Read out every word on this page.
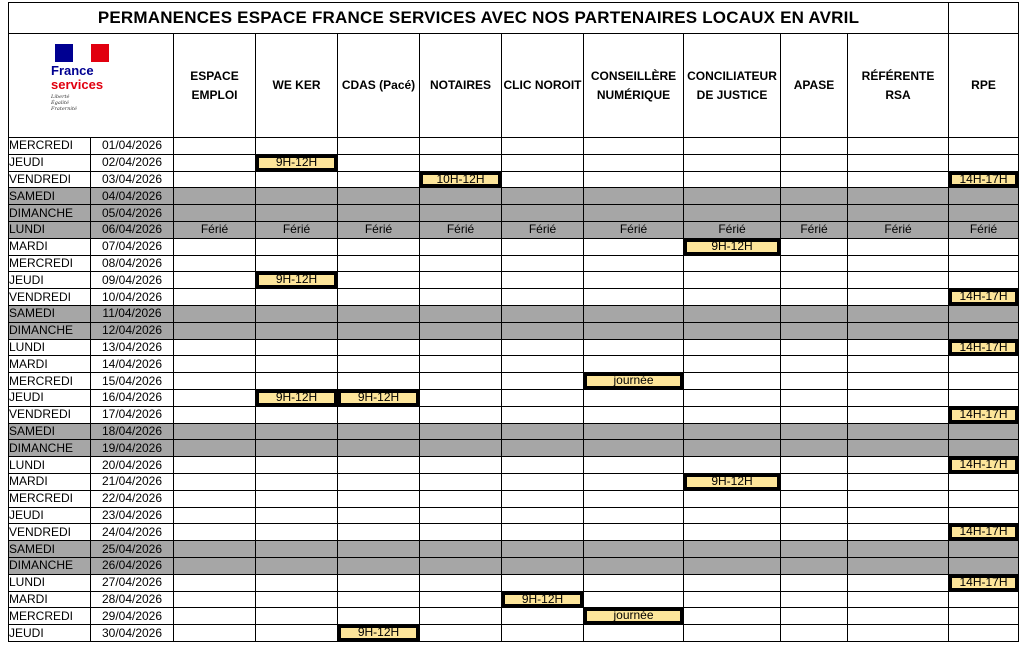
PERMANENCES ESPACE FRANCE SERVICES AVEC NOS PARTENAIRES LOCAUX EN AVRIL											

France
services
Liberté
Égalité
Fraternité		ESPACE EMPLOI	WE KER	CDAS (Pacé)	NOTAIRES	CLIC NOROIT	CONSEILLÈRE NUMÉRIQUE	CONCILIATEUR DE JUSTICE	APASE	RÉFÉRENTE RSA	RPE
MERCREDI	01/04/2026										
JEUDI	02/04/2026		9H-12H								

VENDREDI	03/04/2026				10H-12H						14H-17H

SAMEDI	04/04/2026										
DIMANCHE	05/04/2026										
LUNDI	06/04/2026	Férié	Férié	Férié	Férié	Férié	Férié	Férié	Férié	Férié	Férié
MARDI	07/04/2026							9H-12H			

MERCREDI	08/04/2026										
JEUDI	09/04/2026		9H-12H								

VENDREDI	10/04/2026										14H-17H

SAMEDI	11/04/2026										
DIMANCHE	12/04/2026										
LUNDI	13/04/2026										14H-17H

MARDI	14/04/2026										
MERCREDI	15/04/2026						journée				

JEUDI	16/04/2026		9H-12H	9H-12H							

VENDREDI	17/04/2026										14H-17H

SAMEDI	18/04/2026										
DIMANCHE	19/04/2026										
LUNDI	20/04/2026										14H-17H

MARDI	21/04/2026							9H-12H			

MERCREDI	22/04/2026										
JEUDI	23/04/2026										
VENDREDI	24/04/2026										14H-17H

SAMEDI	25/04/2026										
DIMANCHE	26/04/2026										
LUNDI	27/04/2026										14H-17H

MARDI	28/04/2026					9H-12H					

MERCREDI	29/04/2026						journée				

JEUDI	30/04/2026			9H-12H							
